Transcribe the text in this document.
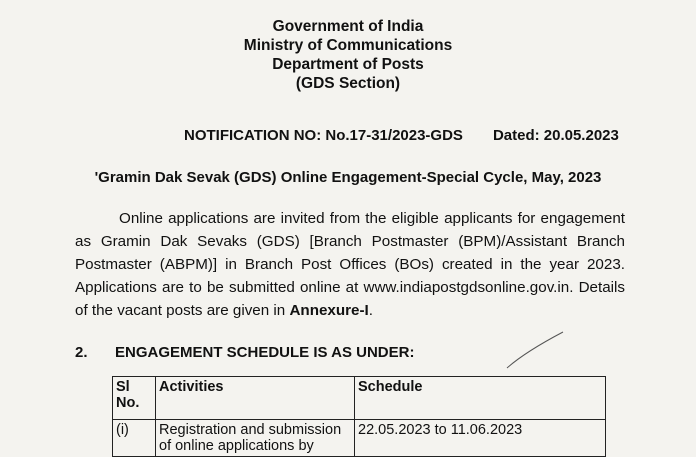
Government of India
Ministry of Communications
Department of Posts
(GDS Section)
NOTIFICATION NO: No.17-31/2023-GDS Dated: 20.05.2023
'Gramin Dak Sevak (GDS) Online Engagement-Special Cycle, May, 2023
Online applications are invited from the eligible applicants for engagement as Gramin Dak Sevaks (GDS) [Branch Postmaster (BPM)/Assistant Branch Postmaster (ABPM)] in Branch Post Offices (BOs) created in the year 2023. Applications are to be submitted online at www.indiapostgdsonline.gov.in. Details of the vacant posts are given in Annexure-I.
2. ENGAGEMENT SCHEDULE IS AS UNDER:
Sl No.	Activities	Schedule
(i)	Registration and submission of online applications by	22.05.2023 to 11.06.2023
